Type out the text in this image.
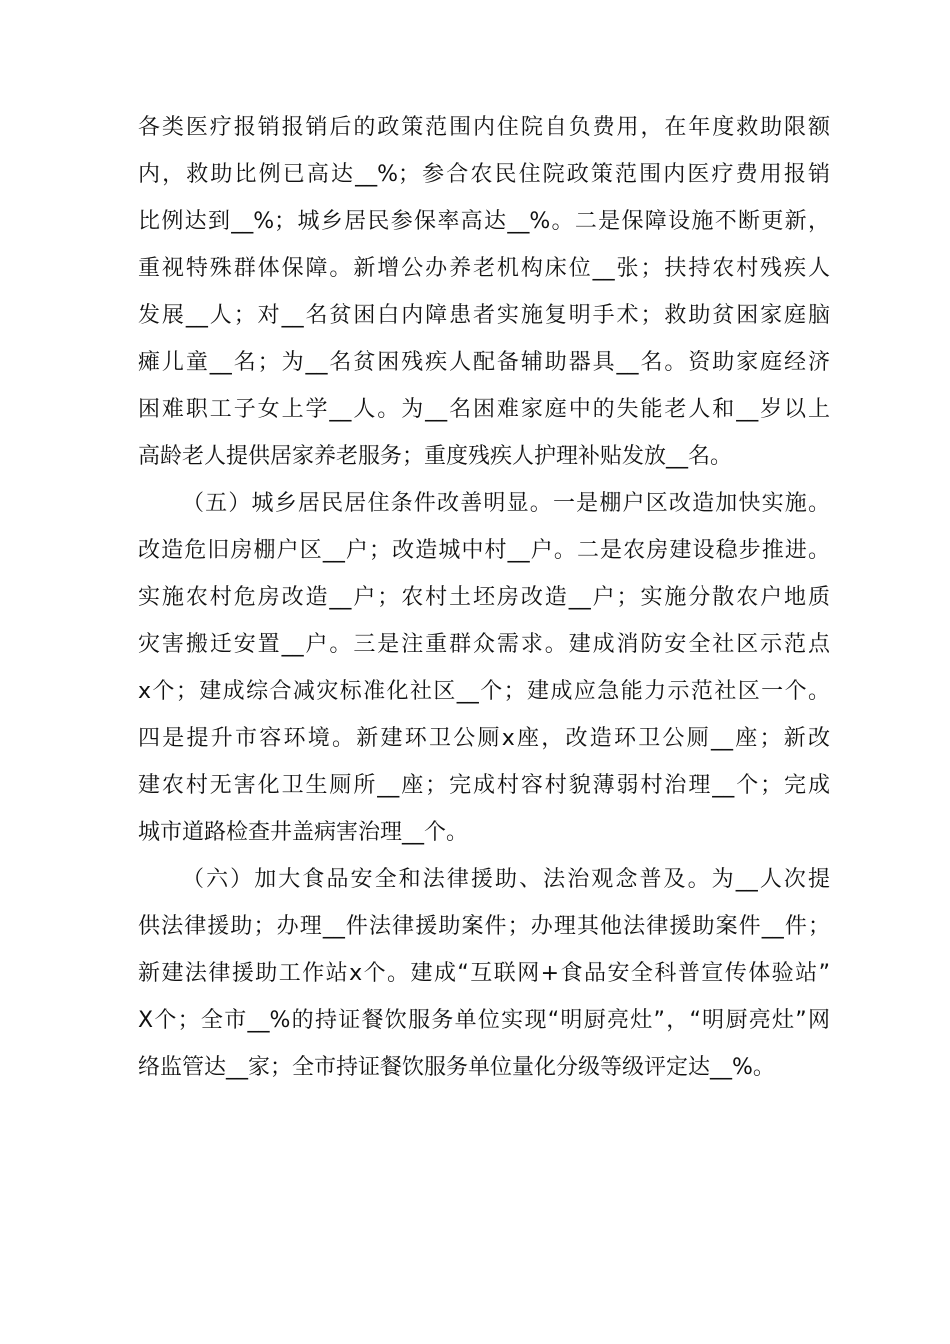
各类医疗报销报销后的政策范围内住院自负费用，在年度救助限额
内，救助比例已高达__%；参合农民住院政策范围内医疗费用报销
比例达到__%；城乡居民参保率高达__%。二是保障设施不断更新，
重视特殊群体保障。新增公办养老机构床位__张；扶持农村残疾人
发展__人；对__名贫困白内障患者实施复明手术；救助贫困家庭脑
瘫儿童__名；为__名贫困残疾人配备辅助器具__名。资助家庭经济
困难职工子女上学__人。为__名困难家庭中的失能老人和__岁以上
高龄老人提供居家养老服务；重度残疾人护理补贴发放__名。
（五）城乡居民居住条件改善明显。一是棚户区改造加快实施。
改造危旧房棚户区__户；改造城中村__户。二是农房建设稳步推进。
实施农村危房改造__户；农村土坯房改造__户；实施分散农户地质
灾害搬迁安置__户。三是注重群众需求。建成消防安全社区示范点
x个；建成综合减灾标准化社区__个；建成应急能力示范社区一个。
四是提升市容环境。新建环卫公厕x座，改造环卫公厕__座；新改
建农村无害化卫生厕所__座；完成村容村貌薄弱村治理__个；完成
城市道路检查井盖病害治理__个。
（六）加大食品安全和法律援助、法治观念普及。为__人次提
供法律援助；办理__件法律援助案件；办理其他法律援助案件__件；
新建法律援助工作站x个。建成“互联网+食品安全科普宣传体验站”
X个；全市__%的持证餐饮服务单位实现“明厨亮灶”，“明厨亮灶”网
络监管达__家；全市持证餐饮服务单位量化分级等级评定达__%。
